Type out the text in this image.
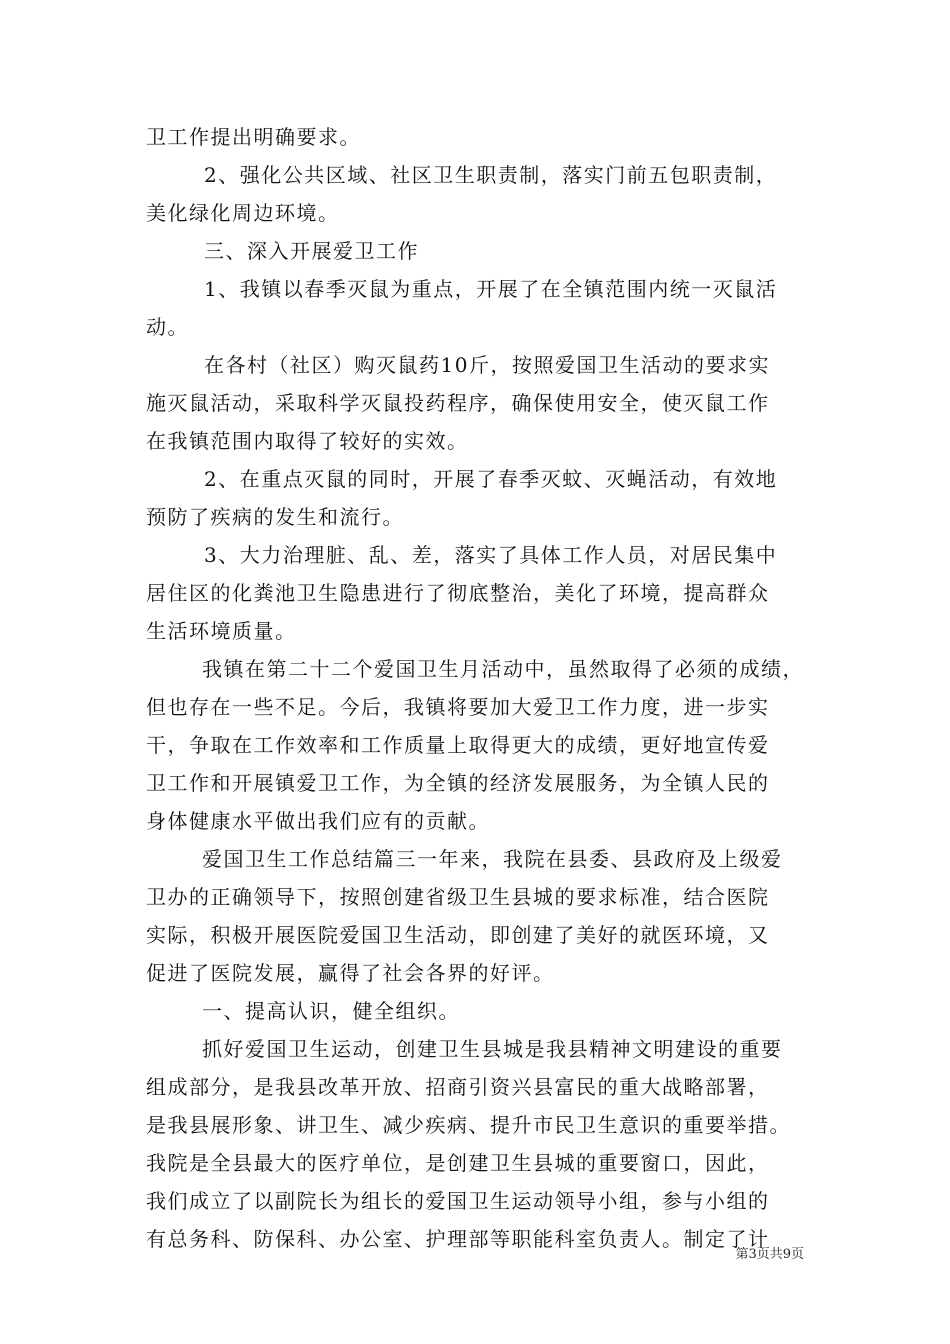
卫工作提出明确要求。
2、强化公共区域、社区卫生职责制，落实门前五包职责制，
美化绿化周边环境。
三、深入开展爱卫工作
1、我镇以春季灭鼠为重点，开展了在全镇范围内统一灭鼠活
动。
在各村（社区）购灭鼠药10斤，按照爱国卫生活动的要求实
施灭鼠活动，采取科学灭鼠投药程序，确保使用安全，使灭鼠工作
在我镇范围内取得了较好的实效。
2、在重点灭鼠的同时，开展了春季灭蚊、灭蝇活动，有效地
预防了疾病的发生和流行。
3、大力治理脏、乱、差，落实了具体工作人员，对居民集中
居住区的化粪池卫生隐患进行了彻底整治，美化了环境，提高群众
生活环境质量。
我镇在第二十二个爱国卫生月活动中，虽然取得了必须的成绩，
但也存在一些不足。今后，我镇将要加大爱卫工作力度，进一步实
干，争取在工作效率和工作质量上取得更大的成绩，更好地宣传爱
卫工作和开展镇爱卫工作，为全镇的经济发展服务，为全镇人民的
身体健康水平做出我们应有的贡献。
爱国卫生工作总结篇三一年来，我院在县委、县政府及上级爱
卫办的正确领导下，按照创建省级卫生县城的要求标准，结合医院
实际，积极开展医院爱国卫生活动，即创建了美好的就医环境，又
促进了医院发展，赢得了社会各界的好评。
一、提高认识，健全组织。
抓好爱国卫生运动，创建卫生县城是我县精神文明建设的重要
组成部分，是我县改革开放、招商引资兴县富民的重大战略部署，
是我县展形象、讲卫生、减少疾病、提升市民卫生意识的重要举措。
我院是全县最大的医疗单位，是创建卫生县城的重要窗口，因此，
我们成立了以副院长为组长的爱国卫生运动领导小组，参与小组的
有总务科、防保科、办公室、护理部等职能科室负责人。制定了计
第3页共9页
